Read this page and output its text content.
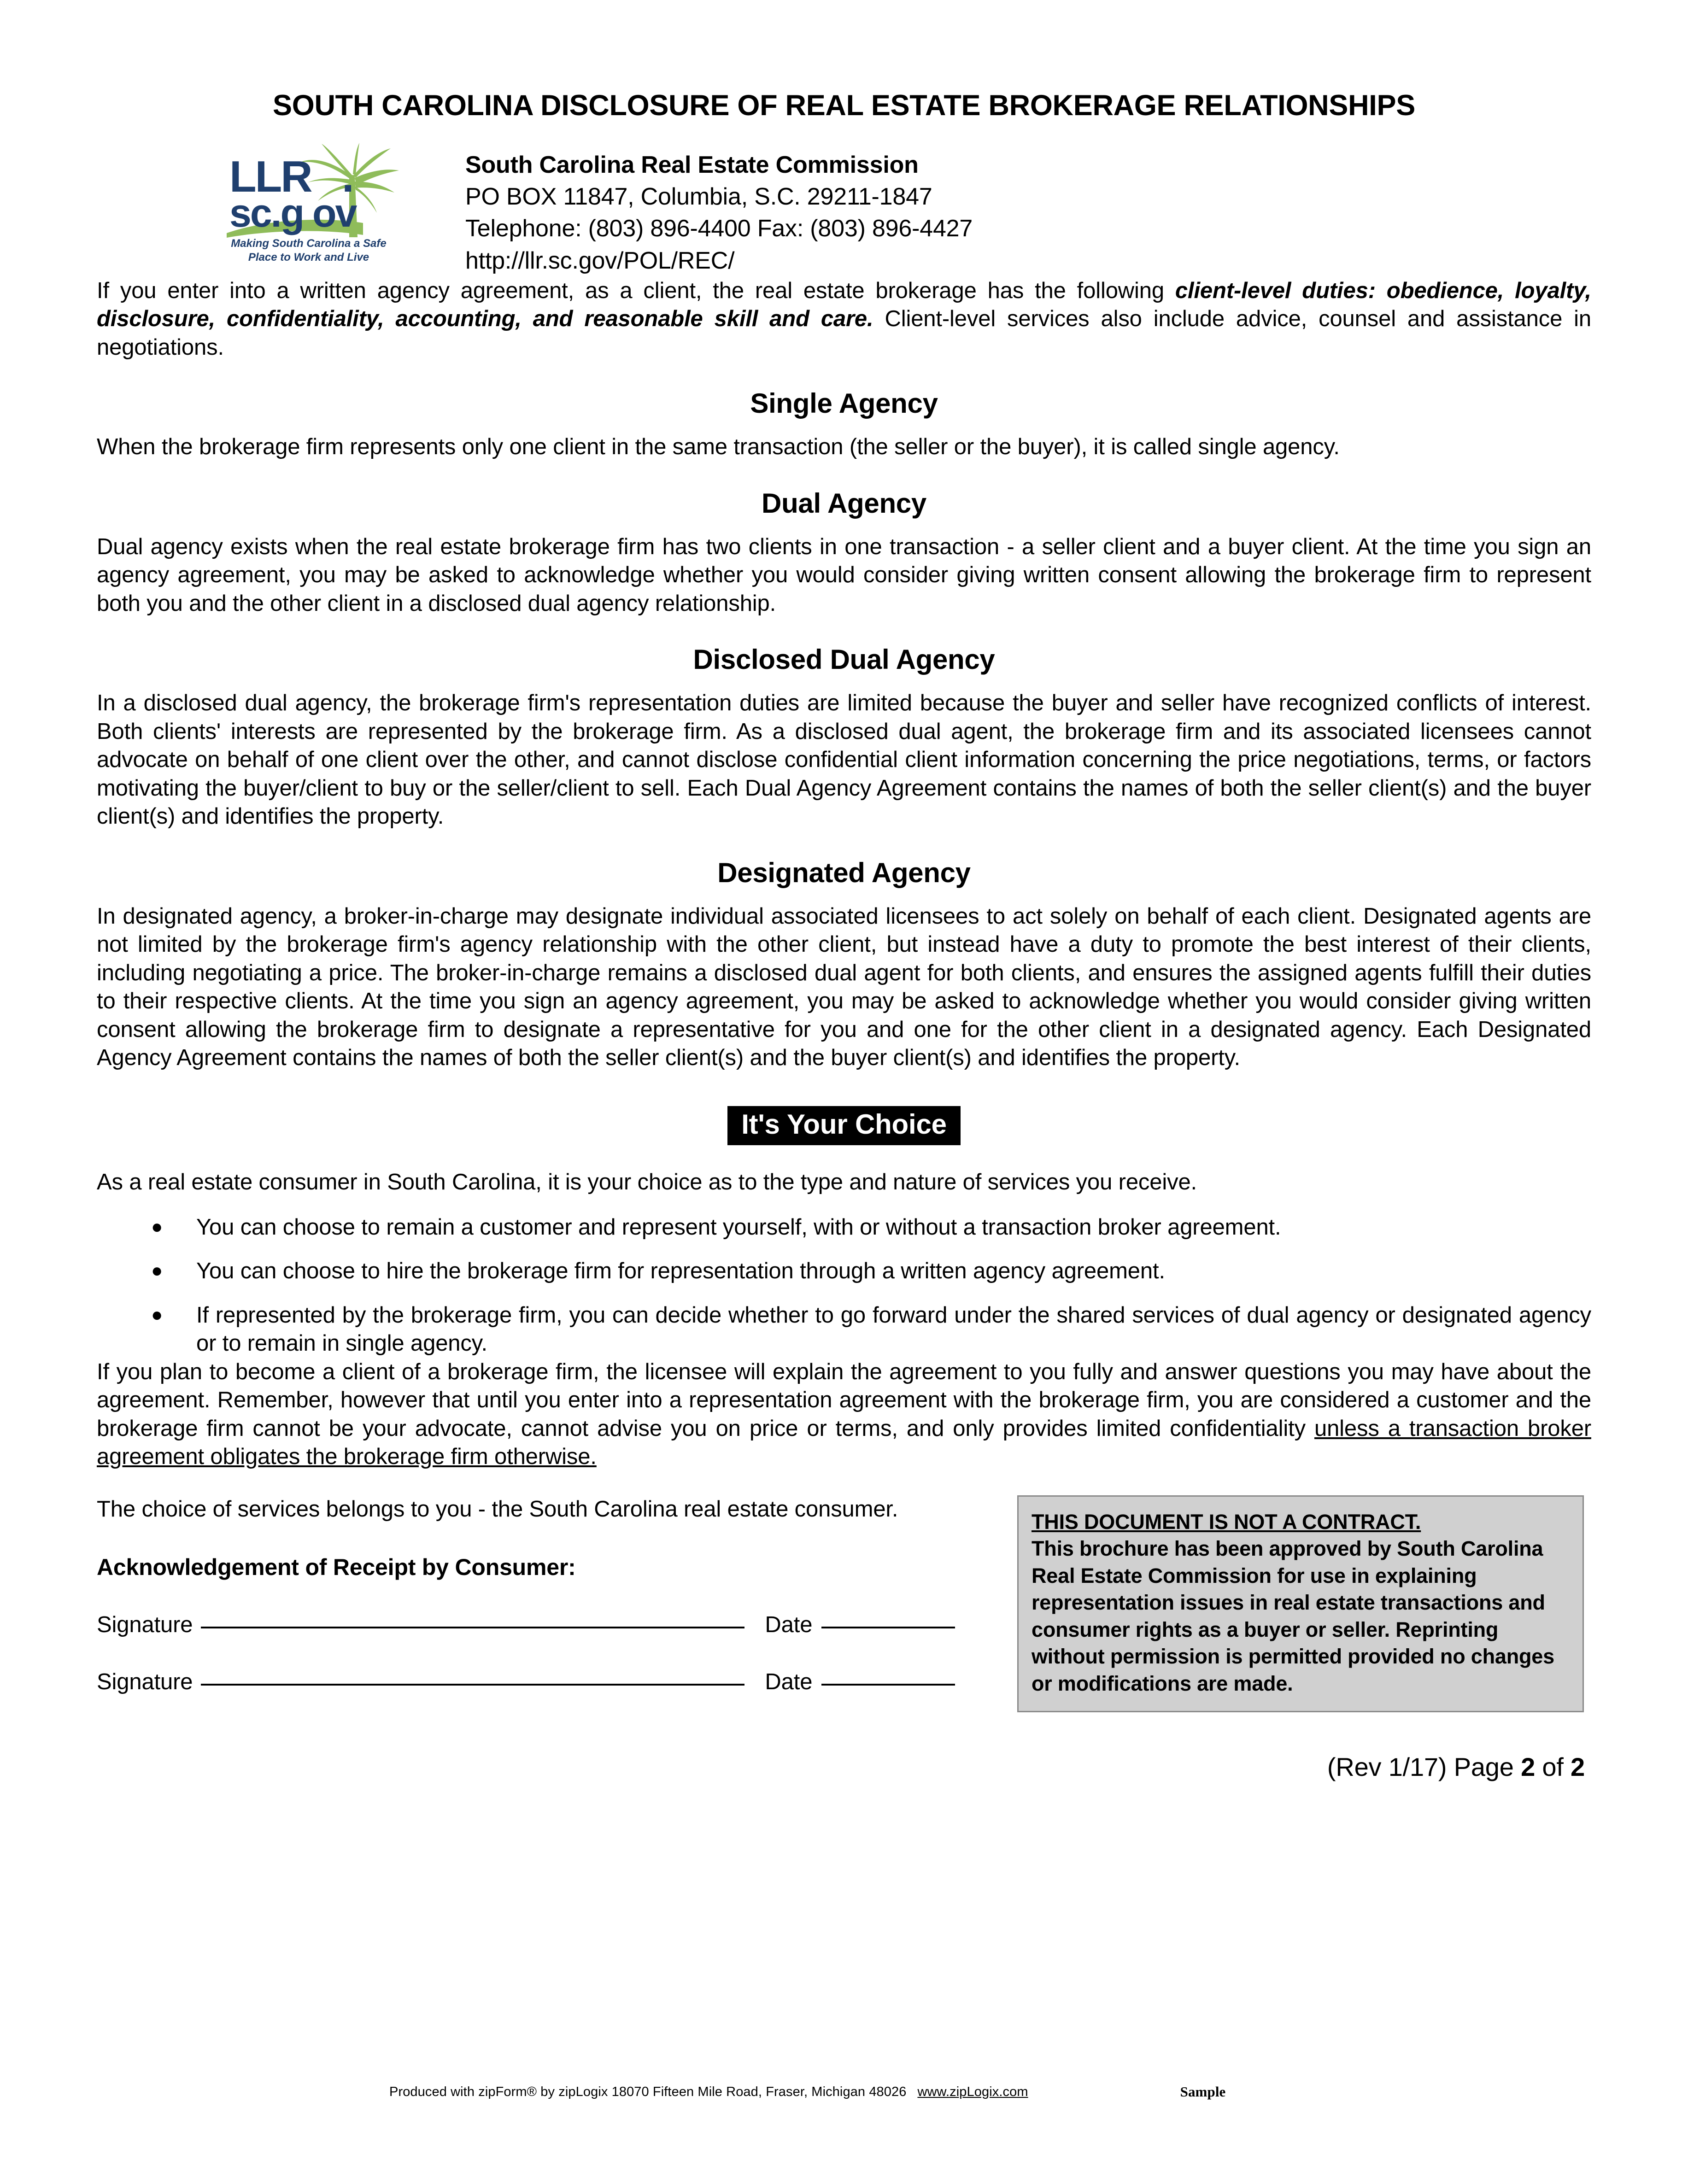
SOUTH CAROLINA DISCLOSURE OF REAL ESTATE BROKERAGE RELATIONSHIPS
LLR .
sc.g ov
Making South Carolina a Safe
Place to Work and Live
South Carolina Real Estate Commission
PO BOX 11847, Columbia, S.C. 29211-1847
Telephone: (803) 896-4400 Fax: (803) 896-4427
http://llr.sc.gov/POL/REC/

If you enter into a written agency agreement, as a client, the real estate brokerage has the following client-level duties: obedience, loyalty, disclosure, confidentiality, accounting, and reasonable skill and care. Client-level services also include advice, counsel and assistance in negotiations.

Single Agency

When the brokerage firm represents only one client in the same transaction (the seller or the buyer), it is called single agency.

Dual Agency

Dual agency exists when the real estate brokerage firm has two clients in one transaction - a seller client and a buyer client. At the time you sign an agency agreement, you may be asked to acknowledge whether you would consider giving written consent allowing the brokerage firm to represent both you and the other client in a disclosed dual agency relationship.

Disclosed Dual Agency

In a disclosed dual agency, the brokerage firm's representation duties are limited because the buyer and seller have recognized conflicts of interest. Both clients' interests are represented by the brokerage firm. As a disclosed dual agent, the brokerage firm and its associated licensees cannot advocate on behalf of one client over the other, and cannot disclose confidential client information concerning the price negotiations, terms, or factors motivating the buyer/client to buy or the seller/client to sell. Each Dual Agency Agreement contains the names of both the seller client(s) and the buyer client(s) and identifies the property.

Designated Agency

In designated agency, a broker-in-charge may designate individual associated licensees to act solely on behalf of each client. Designated agents are not limited by the brokerage firm's agency relationship with the other client, but instead have a duty to promote the best interest of their clients, including negotiating a price. The broker-in-charge remains a disclosed dual agent for both clients, and ensures the assigned agents fulfill their duties to their respective clients. At the time you sign an agency agreement, you may be asked to acknowledge whether you would consider giving written consent allowing the brokerage firm to designate a representative for you and one for the other client in a designated agency. Each Designated Agency Agreement contains the names of both the seller client(s) and the buyer client(s) and identifies the property.

It's Your Choice

As a real estate consumer in South Carolina, it is your choice as to the type and nature of services you receive.

● You can choose to remain a customer and represent yourself, with or without a transaction broker agreement.
● You can choose to hire the brokerage firm for representation through a written agency agreement.
● If represented by the brokerage firm, you can decide whether to go forward under the shared services of dual agency or designated agency or to remain in single agency.

If you plan to become a client of a brokerage firm, the licensee will explain the agreement to you fully and answer questions you may have about the agreement. Remember, however that until you enter into a representation agreement with the brokerage firm, you are considered a customer and the brokerage firm cannot be your advocate, cannot advise you on price or terms, and only provides limited confidentiality unless a transaction broker agreement obligates the brokerage firm otherwise.

The choice of services belongs to you - the South Carolina real estate consumer.

Acknowledgement of Receipt by Consumer:
Signature	Date
Signature	Date
THIS DOCUMENT IS NOT A CONTRACT.
This brochure has been approved by South Carolina Real Estate Commission for use in explaining representation issues in real estate transactions and consumer rights as a buyer or seller. Reprinting without permission is permitted provided no changes or modifications are made.
(Rev 1/17) Page 2 of 2
Produced with zipForm® by zipLogix 18070 Fifteen Mile Road, Fraser, Michigan 48026 www.zipLogix.com	Sample
